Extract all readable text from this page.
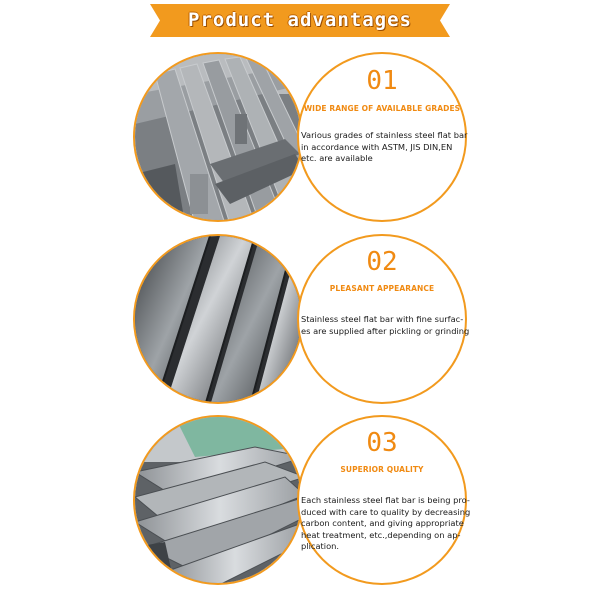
Product advantages
01
WIDE RANGE OF AVAILABLE GRADES
Various grades of stainless steel flat bar
in accordance with ASTM, JIS DIN,EN
etc. are available
02
PLEASANT APPEARANCE
Stainless steel flat bar with fine surfac-
es are supplied after pickling or grinding
03
SUPERIOR QUALITY
Each stainless steel flat bar is being pro-
duced with care to quality by decreasing
carbon content, and giving appropriate
heat treatment, etc.,depending on ap-
plication.
